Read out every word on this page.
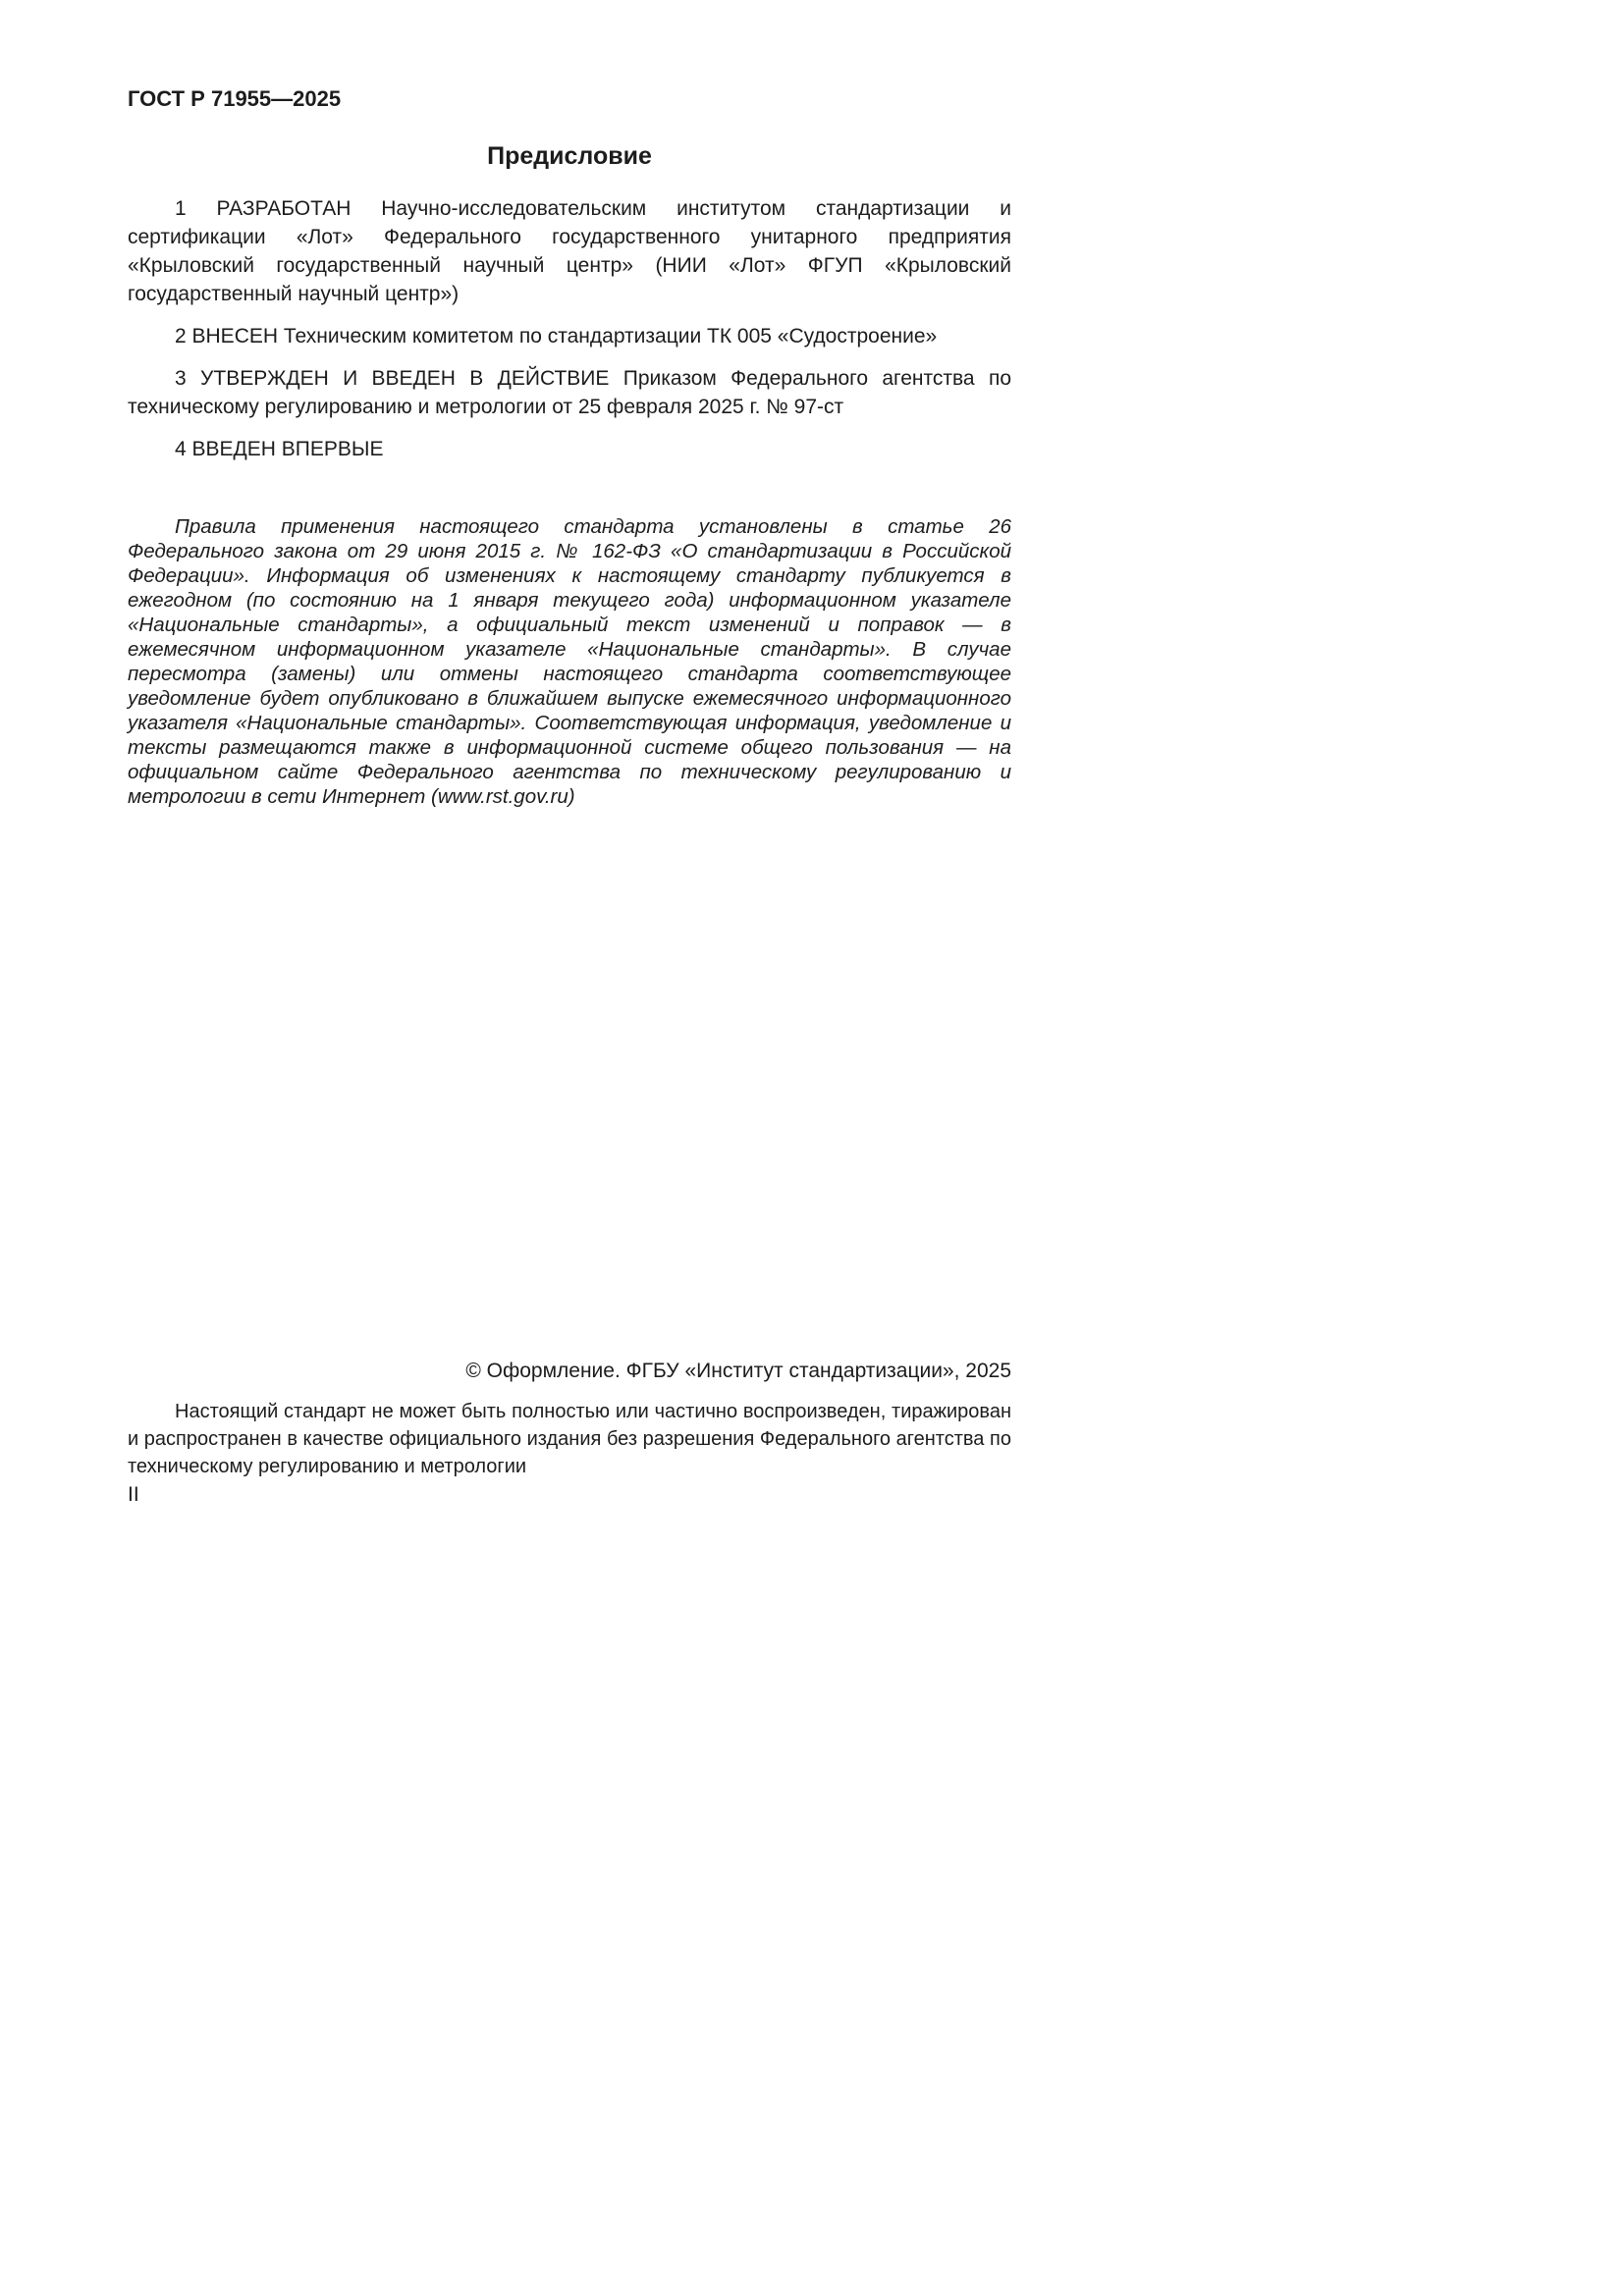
ГОСТ Р 71955—2025
Предисловие

1 РАЗРАБОТАН Научно-исследовательским институтом стандартизации и сертификации «Лот» Федерального государственного унитарного предприятия «Крыловский государственный научный центр» (НИИ «Лот» ФГУП «Крыловский государственный научный центр»)

2 ВНЕСЕН Техническим комитетом по стандартизации ТК 005 «Судостроение»

3 УТВЕРЖДЕН И ВВЕДЕН В ДЕЙСТВИЕ Приказом Федерального агентства по техническому регулированию и метрологии от 25 февраля 2025 г. № 97-ст

4 ВВЕДЕН ВПЕРВЫЕ

Правила применения настоящего стандарта установлены в статье 26 Федерального закона от 29 июня 2015 г. № 162-ФЗ «О стандартизации в Российской Федерации». Информация об изменениях к настоящему стандарту публикуется в ежегодном (по состоянию на 1 января текущего года) информационном указателе «Национальные стандарты», а официальный текст изменений и поправок — в ежемесячном информационном указателе «Национальные стандарты». В случае пересмотра (замены) или отмены настоящего стандарта соответствующее уведомление будет опубликовано в ближайшем выпуске ежемесячного информационного указателя «Национальные стандарты». Соответствующая информация, уведомление и тексты размещаются также в информационной системе общего пользования — на официальном сайте Федерального агентства по техническому регулированию и метрологии в сети Интернет (www.rst.gov.ru)

© Оформление. ФГБУ «Институт стандартизации», 2025

Настоящий стандарт не может быть полностью или частично воспроизведен, тиражирован и распространен в качестве официального издания без разрешения Федерального агентства по техническому регулированию и метрологии

II
